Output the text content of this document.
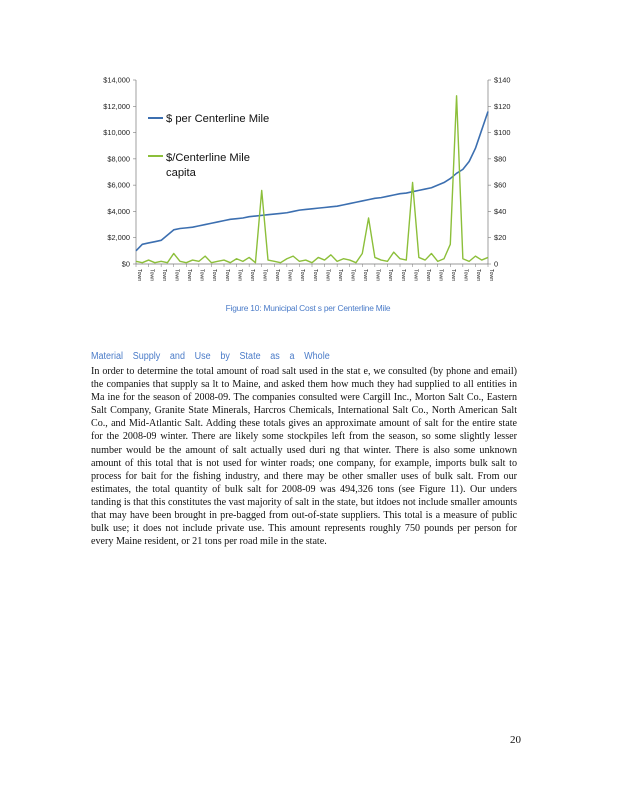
$0
$2,000
$4,000
$6,000
$8,000
$10,000
$12,000
$14,000
0
$20
$40
$60
$80
$100
$120
$140
$ per Centerline Mile
$/Centerline Mile
capita
Town Town Town Town Town Town Town Town Town Town Town Town Town Town Town Town Town Town Town Town Town Town Town Town Town Town Town Town Town
Figure 10: Municipal Cost s per Centerline Mile
Material Supply and Use by State as a Whole
In order to determine the total amount of road salt used in the stat e, we consulted (by phone and email) the companies that supply sa lt to Maine, and asked them how much they had supplied to all entities in Ma ine for the season of 2008-09. The companies consulted were Cargill Inc., Morton Salt Co., Eastern Salt Company, Granite State Minerals, Harcros Chemicals, International Salt Co., North American Salt Co., and Mid-Atlantic Salt. Adding these totals gives an approximate amount of salt for the entire state for the 2008-09 winter. There are likely some stockpiles left from the season, so some slightly lesser number would be the amount of salt actually used duri ng that winter. There is also some unknown amount of this total that is not used for winter roads; one company, for example, imports bulk salt to process for bait for the fishing industry, and there may be other smaller uses of bulk salt. From our estimates, the total quantity of bulk salt for 2008-09 was 494,326 tons (see Figure 11). Our unders tanding is that this constitutes the vast majority of salt in the state, but itdoes not include smaller amounts that may have been brought in pre-bagged from out-of-state suppliers. This total is a measure of public bulk use; it does not include private use. This amount represents roughly 750 pounds per person for every Maine resident, or 21 tons per road mile in the state.
20
